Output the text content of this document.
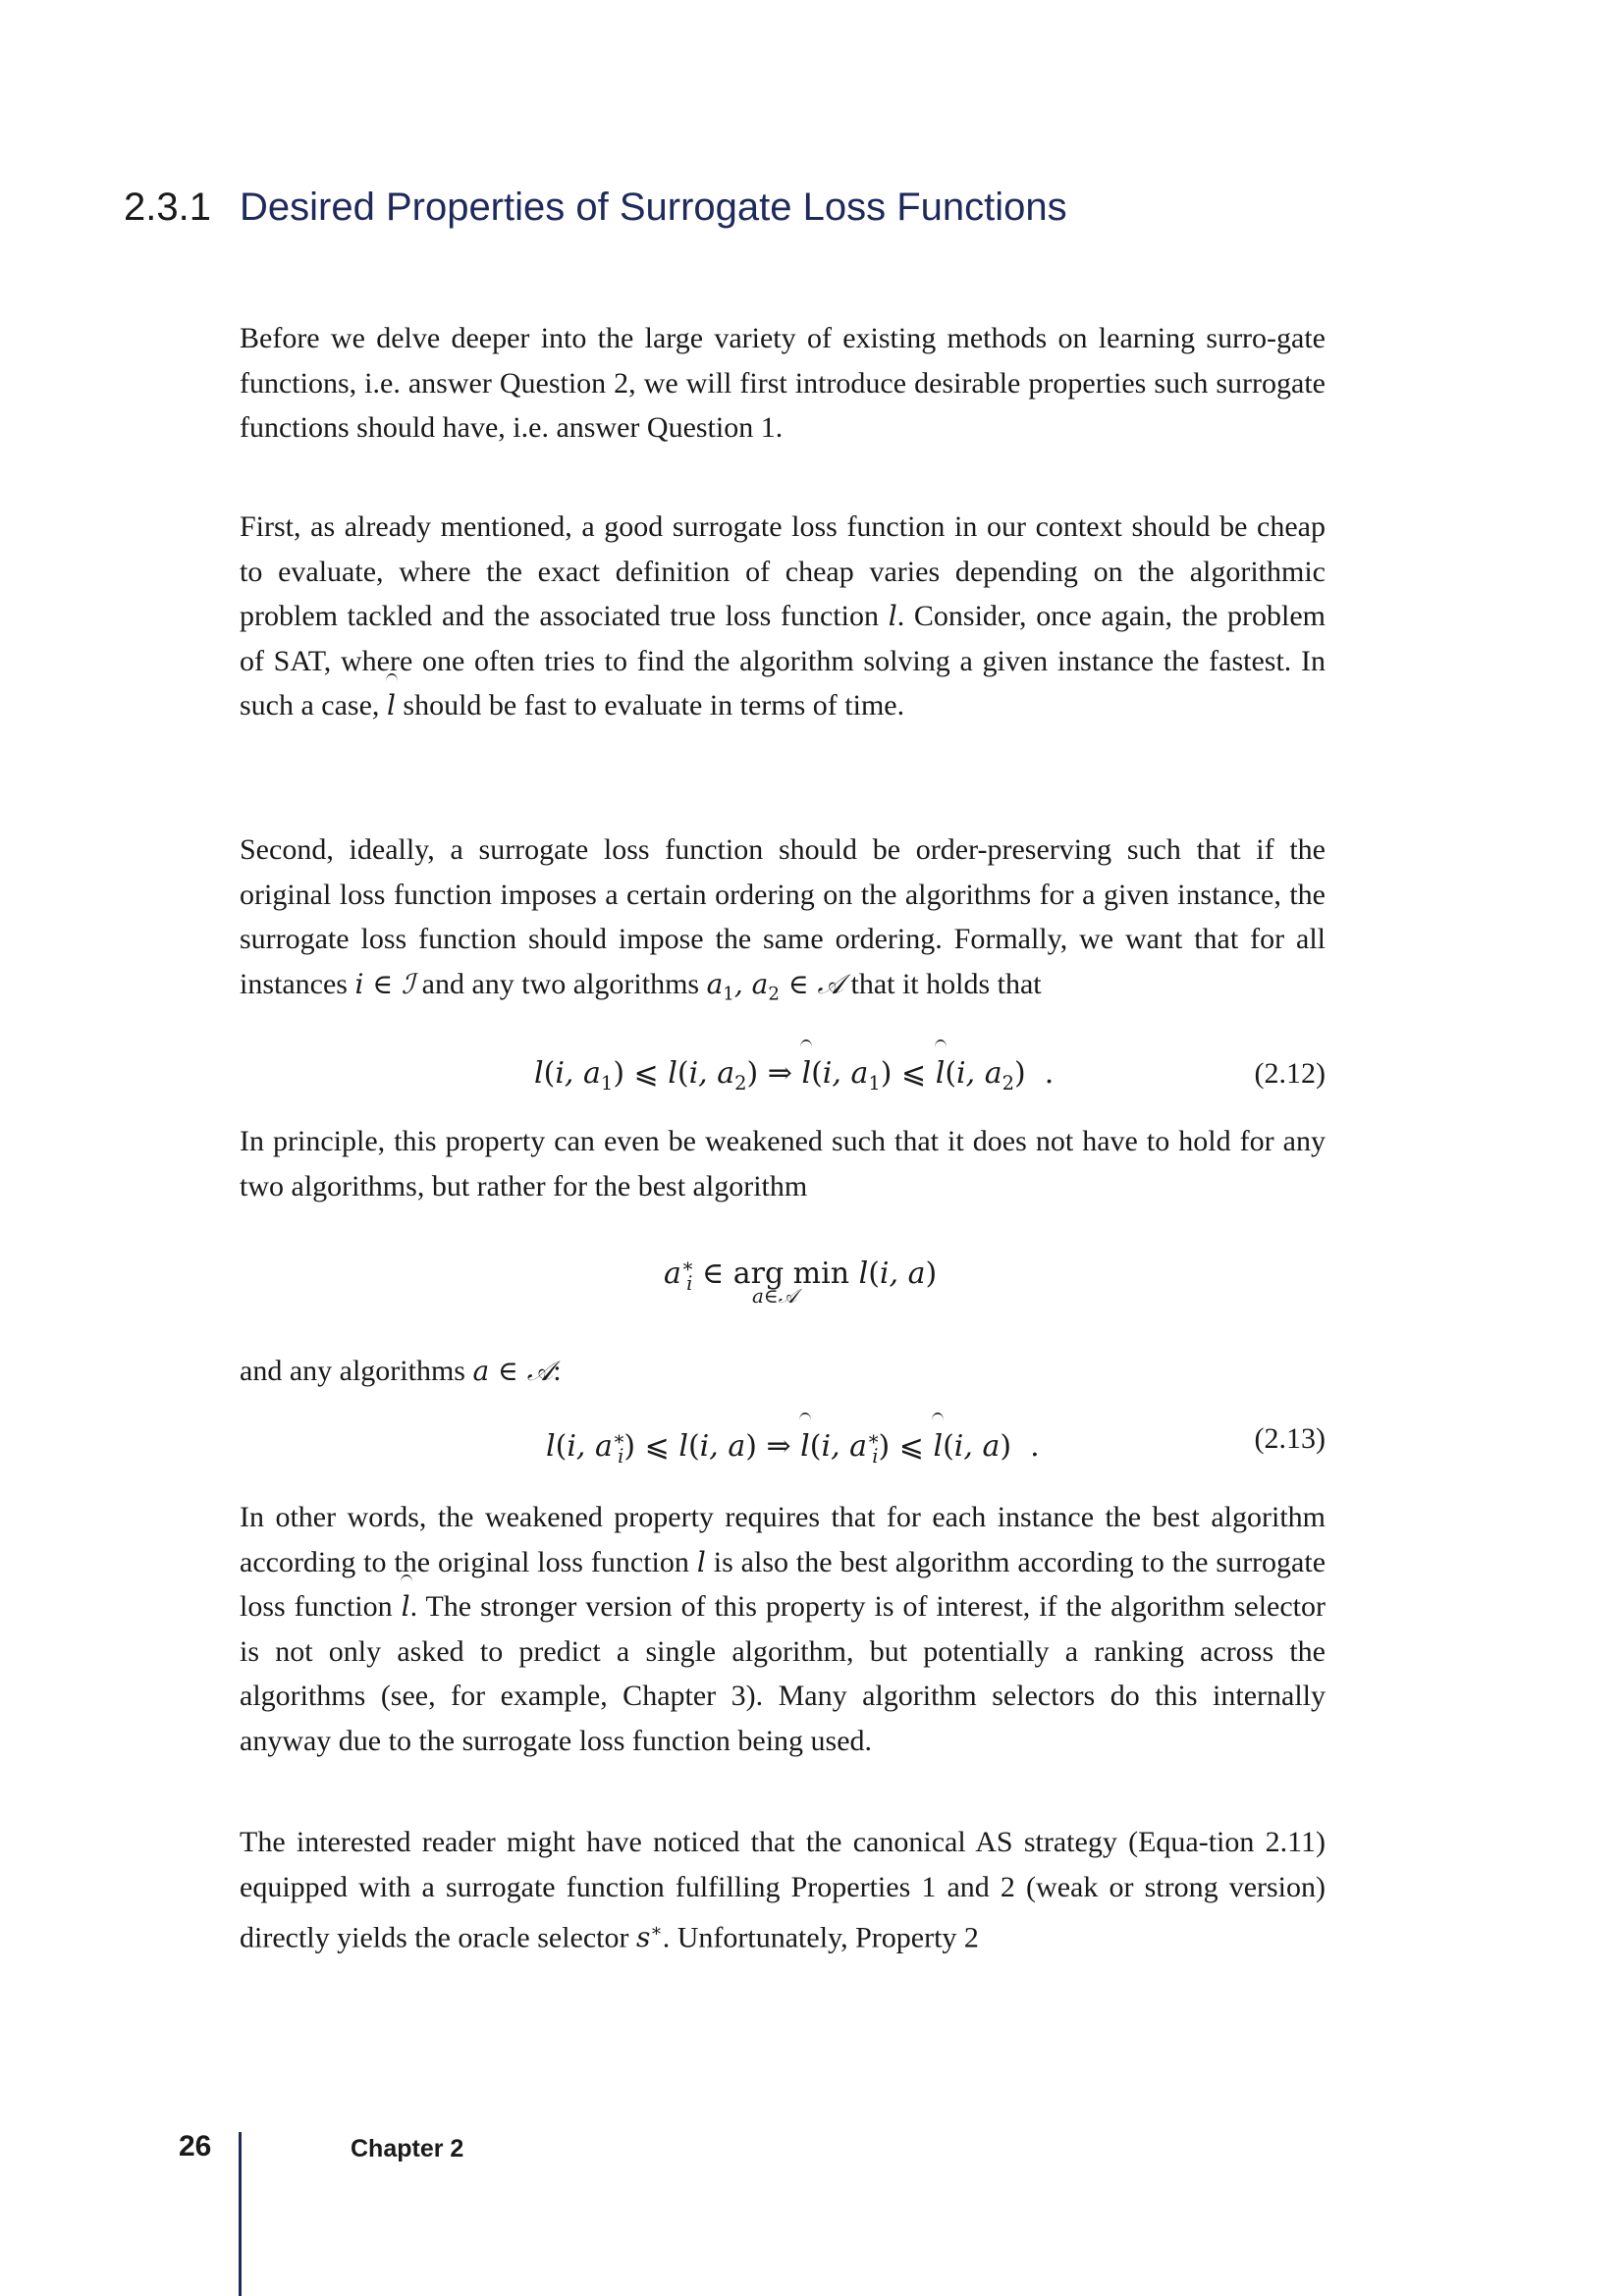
2.3.1 Desired Properties of Surrogate Loss Functions
Before we delve deeper into the large variety of existing methods on learning surro-gate functions, i.e. answer Question 2, we will first introduce desirable properties such surrogate functions should have, i.e. answer Question 1.
First, as already mentioned, a good surrogate loss function in our context should be cheap to evaluate, where the exact definition of cheap varies depending on the algorithmic problem tackled and the associated true loss function l. Consider, once again, the problem of SAT, where one often tries to find the algorithm solving a given instance the fastest. In such a case, l should be fast to evaluate in terms of time.
Second, ideally, a surrogate loss function should be order-preserving such that if the original loss function imposes a certain ordering on the algorithms for a given instance, the surrogate loss function should impose the same ordering. Formally, we want that for all instances i ∈ ℐ and any two algorithms $a_1$, $a_2$ ∈ 𝒜 that it holds that
l(i, $a_1$) ⩽ l(i, $a_2$) ⇒ l(i, $a_1$) ⩽ l(i, $a_2$)  .	(2.12)
In principle, this property can even be weakened such that it does not have to hold for any two algorithms, but rather for the best algorithm
$a^∗_i$ ∈ arg min l(i, a)
a∈𝒜
and any algorithms a ∈ 𝒜:
l(i, $a^∗_i$) ⩽ l(i, a) ⇒ l(i, $a^∗_i$) ⩽ l(i, a)  .	(2.13)
In other words, the weakened property requires that for each instance the best algorithm according to the original loss function l is also the best algorithm according to the surrogate loss function l. The stronger version of this property is of interest, if the algorithm selector is not only asked to predict a single algorithm, but potentially a ranking across the algorithms (see, for example, Chapter 3). Many algorithm selectors do this internally anyway due to the surrogate loss function being used.
The interested reader might have noticed that the canonical AS strategy (Equa-tion 2.11) equipped with a surrogate function fulfilling Properties 1 and 2 (weak or strong version) directly yields the oracle selector s∗. Unfortunately, Property 2
26	Chapter 2
